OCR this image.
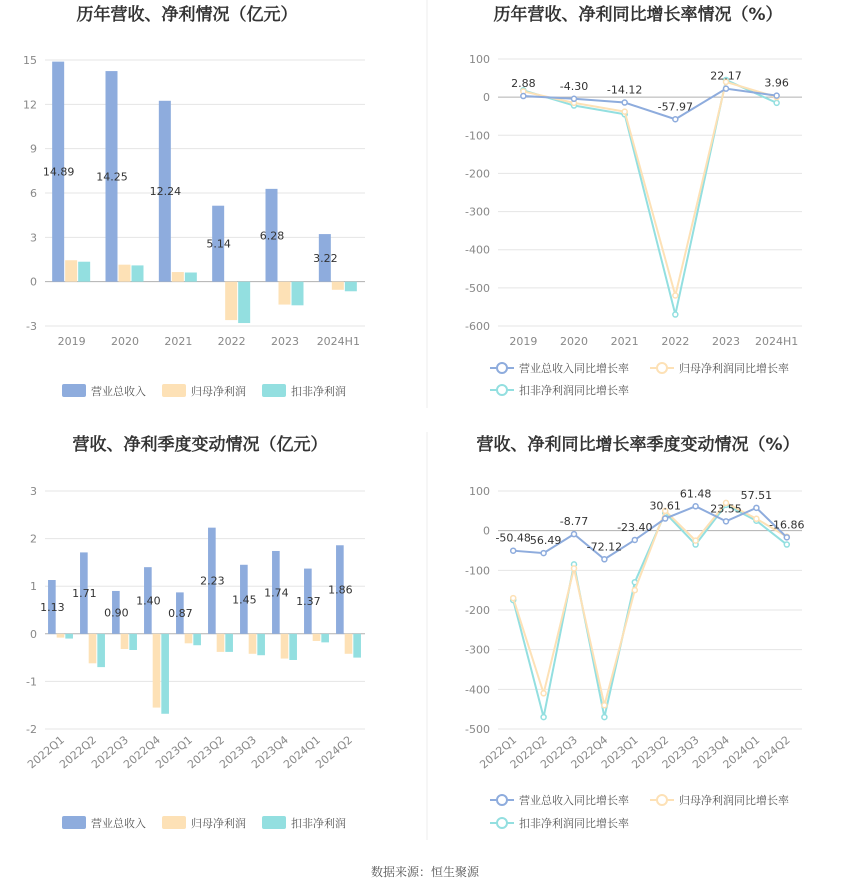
历年营收、净利情况（亿元）
15
12
9
6
3
0
-3
2019 2020 2021 2022 2023 2024H1
14.89 14.25
12.24
5.14
6.28
3.22
营业总收入	归母净利润	扣非净利润
历年营收、净利同比增长率情况（%）
100
0
-100
-200
-300
-400
-500
-600
2019 2020 2021 2022 2023 2024H1
2.88 -4.30 -14.12
-57.97
22.17
3.96
营业总收入同比增长率	归母净利润同比增长率
扣非净利润同比增长率
营收、净利季度变动情况（亿元）
3
2
1
0
-1
-2
2022Q1
2022Q2
2022Q3
2022Q4
2023Q1
2023Q2
2023Q3
2023Q4
2024Q1
2024Q2
1.13
1.71
0.90
1.40
0.87
2.23
1.45
1.74
1.37
1.86
营业总收入	归母净利润	扣非净利润
营收、净利同比增长率季度变动情况（%）
100
0
-100
-200
-300
-400
-500
2022Q1
2022Q2
2022Q3
2022Q4
2023Q1
2023Q2
2023Q3
2023Q4
2024Q1
2024Q2
-50.48
-56.49
-8.77
-72.12
-23.40
30.61
61.48
23.55
57.51
-16.86
营业总收入同比增长率	归母净利润同比增长率
扣非净利润同比增长率
数据来源：恒生聚源
